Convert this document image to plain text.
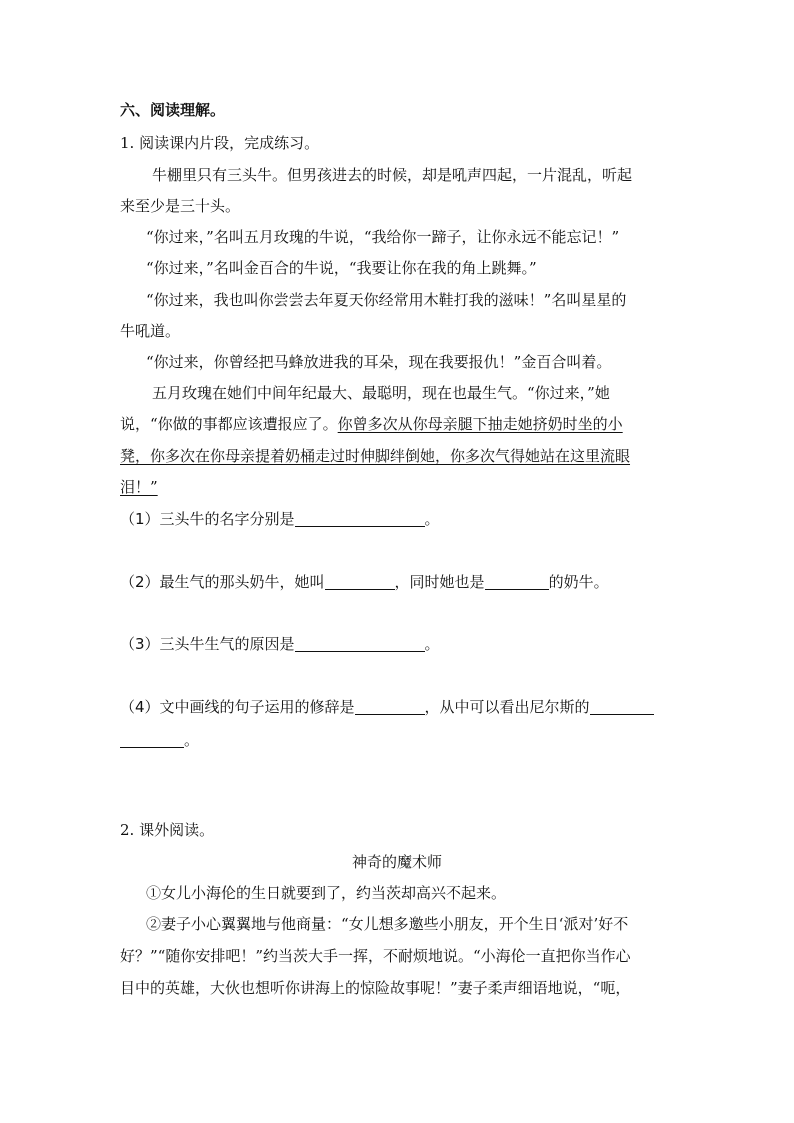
六、阅读理解。
1. 阅读课内片段，完成练习。
牛棚里只有三头牛。但男孩进去的时候，却是吼声四起，一片混乱，听起
来至少是三十头。
“你过来，”名叫五月玫瑰的牛说，“我给你一蹄子，让你永远不能忘记！”
“你过来，”名叫金百合的牛说，“我要让你在我的角上跳舞。”
“你过来，我也叫你尝尝去年夏天你经常用木鞋打我的滋味！”名叫星星的
牛吼道。
“你过来，你曾经把马蜂放进我的耳朵，现在我要报仇！”金百合叫着。
五月玫瑰在她们中间年纪最大、最聪明，现在也最生气。“你过来，”她
说，“你做的事都应该遭报应了。你曾多次从你母亲腿下抽走她挤奶时坐的小
凳，你多次在你母亲提着奶桶走过时伸脚绊倒她，你多次气得她站在这里流眼
泪！”
（1）三头牛的名字分别是	。
（2）最生气的那头奶牛，她叫	，同时她也是	的奶牛。
（3）三头牛生气的原因是	。
（4）文中画线的句子运用的修辞是	，从中可以看出尼尔斯的
。
2. 课外阅读。
神奇的魔术师
①女儿小海伦的生日就要到了，约当茨却高兴不起来。
②妻子小心翼翼地与他商量：“女儿想多邀些小朋友，开个生日‘派对’好不
好？”“随你安排吧！”约当茨大手一挥，不耐烦地说。“小海伦一直把你当作心
目中的英雄，大伙也想听你讲海上的惊险故事呢！”妻子柔声细语地说，“呃，
